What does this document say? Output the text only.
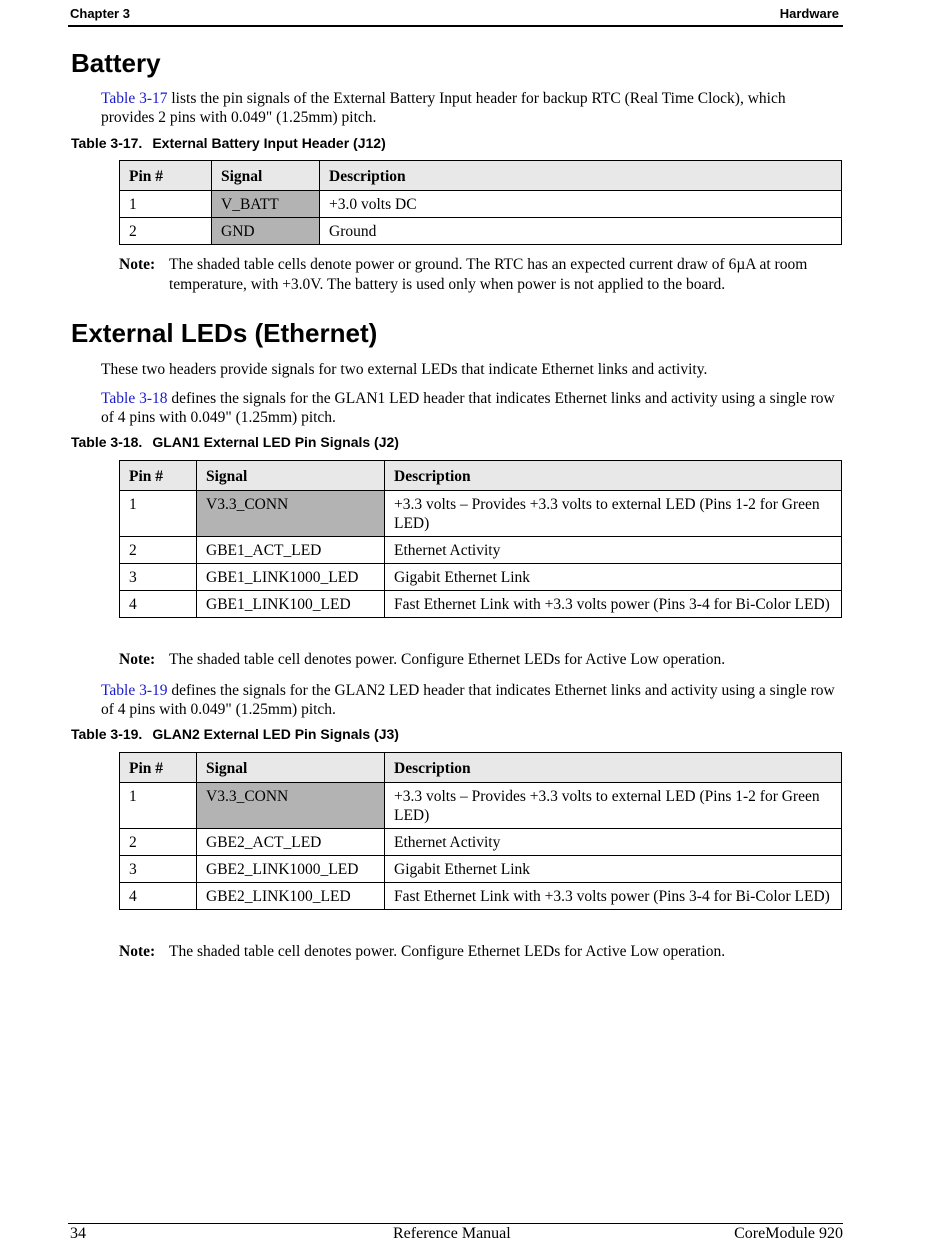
Chapter 3	Hardware
Battery

Table 3-17 lists the pin signals of the External Battery Input header for backup RTC (Real Time Clock), which provides 2 pins with 0.049" (1.25mm) pitch.

Table 3-17. External Battery Input Header (J12)

Pin #	Signal	Description
1	V_BATT	+3.0 volts DC
2	GND	Ground
Note: The shaded table cells denote power or ground. The RTC has an expected current draw of 6µA at room temperature, with +3.0V. The battery is used only when power is not applied to the board.
External LEDs (Ethernet)

These two headers provide signals for two external LEDs that indicate Ethernet links and activity.

Table 3-18 defines the signals for the GLAN1 LED header that indicates Ethernet links and activity using a single row of 4 pins with 0.049" (1.25mm) pitch.

Table 3-18. GLAN1 External LED Pin Signals (J2)

Pin #	Signal	Description
1	V3.3_CONN	+3.3 volts – Provides +3.3 volts to external LED (Pins 1-2 for Green LED)
2	GBE1_ACT_LED	Ethernet Activity
3	GBE1_LINK1000_LED	Gigabit Ethernet Link
4	GBE1_LINK100_LED	Fast Ethernet Link with +3.3 volts power (Pins 3-4 for Bi-Color LED)
Note: The shaded table cell denotes power. Configure Ethernet LEDs for Active Low operation.

Table 3-19 defines the signals for the GLAN2 LED header that indicates Ethernet links and activity using a single row of 4 pins with 0.049" (1.25mm) pitch.

Table 3-19. GLAN2 External LED Pin Signals (J3)

Pin #	Signal	Description
1	V3.3_CONN	+3.3 volts – Provides +3.3 volts to external LED (Pins 1-2 for Green LED)
2	GBE2_ACT_LED	Ethernet Activity
3	GBE2_LINK1000_LED	Gigabit Ethernet Link
4	GBE2_LINK100_LED	Fast Ethernet Link with +3.3 volts power (Pins 3-4 for Bi-Color LED)
Note: The shaded table cell denotes power. Configure Ethernet LEDs for Active Low operation.
34	Reference Manual	CoreModule 920
